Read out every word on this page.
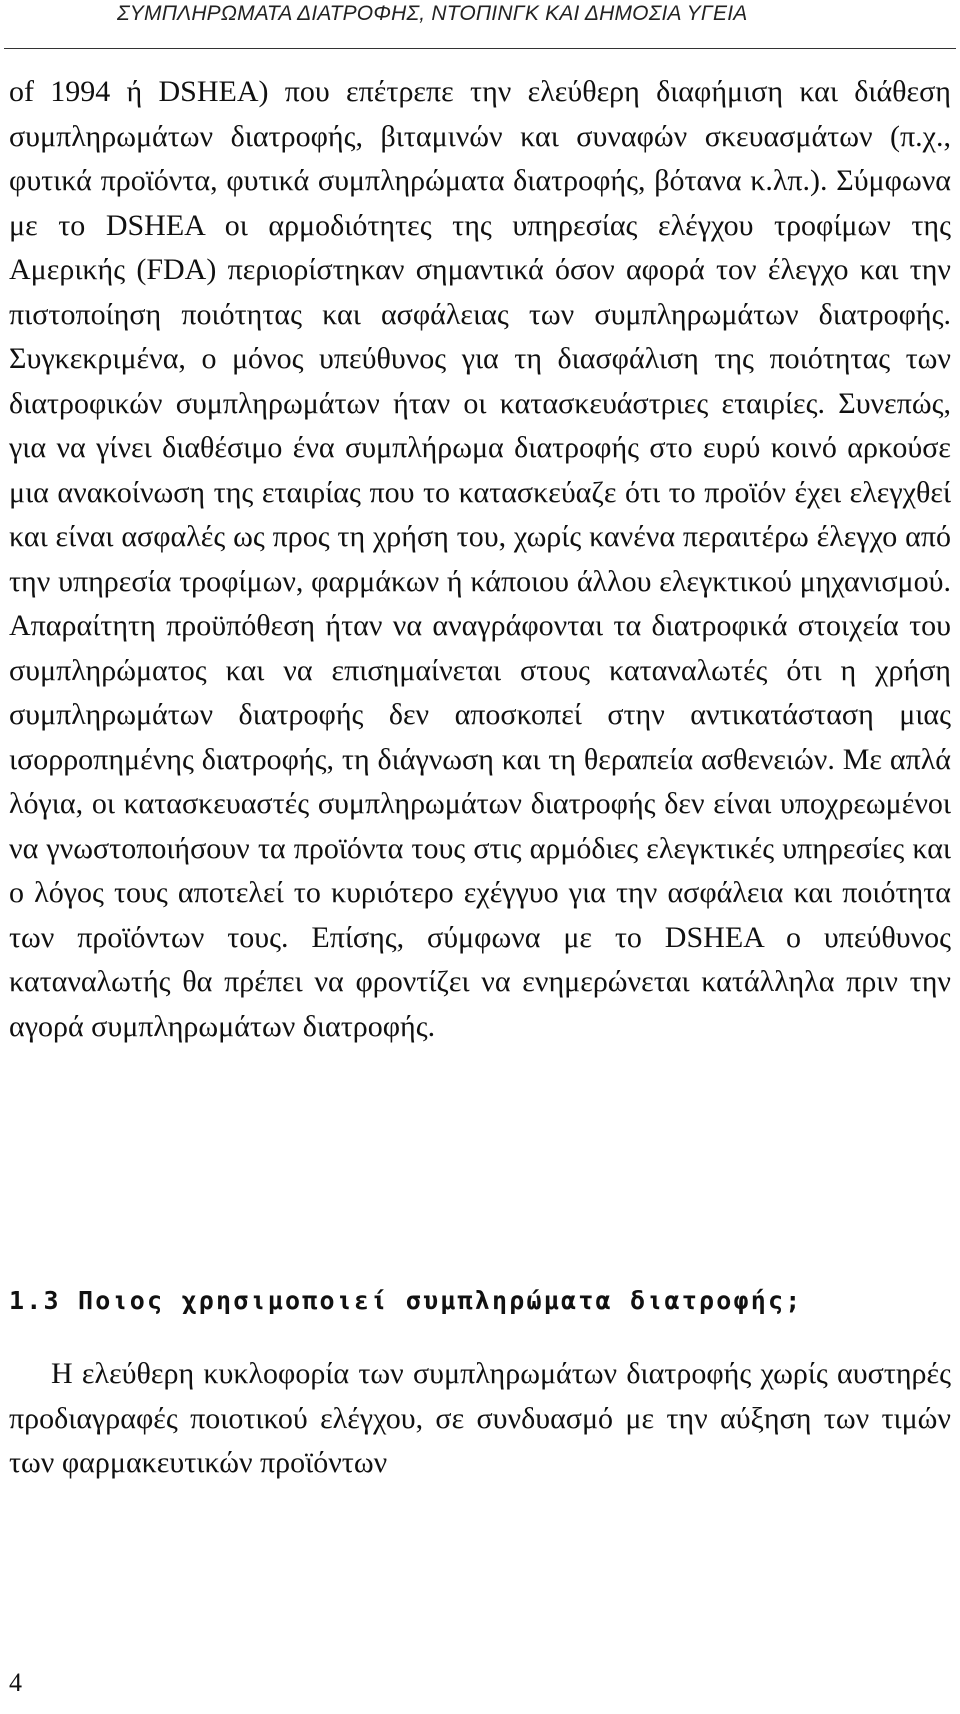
ΣΥΜΠΛΗΡΩΜΑΤΑ ΔΙΑΤΡΟΦΗΣ, ΝΤΟΠΙΝΓΚ ΚΑΙ ΔΗΜΟΣΙΑ ΥΓΕΙΑ

of 1994 ή DSHEA) που επέτρεπε την ελεύθερη διαφήμιση και διάθεση συμπληρωμάτων διατροφής, βιταμινών και συναφών σκευασμάτων (π.χ., φυτικά προϊόντα, φυτικά συμπληρώματα διατροφής, βότανα κ.λπ.). Σύμφωνα με το DSHEA οι αρμοδιότητες της υπηρεσίας ελέγχου τροφίμων της Αμερικής (FDA) περιορίστηκαν σημαντικά όσον αφορά τον έλεγχο και την πιστοποίηση ποιότητας και ασφάλειας των συμπληρωμάτων διατροφής. Συγκεκριμένα, ο μόνος υπεύθυνος για τη διασφάλιση της ποιότητας των διατροφικών συμπληρωμάτων ήταν οι κατασκευάστριες εταιρίες. Συνεπώς, για να γίνει διαθέσιμο ένα συμπλήρωμα διατροφής στο ευρύ κοινό αρκούσε μια ανακοίνωση της εταιρίας που το κατασκεύαζε ότι το προϊόν έχει ελεγχθεί και είναι ασφαλές ως προς τη χρήση του, χωρίς κανένα περαιτέρω έλεγχο από την υπηρεσία τροφίμων, φαρμάκων ή κάποιου άλλου ελεγκτικού μηχανισμού. Απαραίτητη προϋπόθεση ήταν να αναγράφονται τα διατροφικά στοιχεία του συμπληρώματος και να επισημαίνεται στους καταναλωτές ότι η χρήση συμπληρωμάτων διατροφής δεν αποσκοπεί στην αντικατάσταση μιας ισορροπημένης διατροφής, τη διάγνωση και τη θεραπεία ασθενειών. Με απλά λόγια, οι κατασκευαστές συμπληρωμάτων διατροφής δεν είναι υποχρεωμένοι να γνωστοποιήσουν τα προϊόντα τους στις αρμόδιες ελεγκτικές υπηρεσίες και ο λόγος τους αποτελεί το κυριότερο εχέγγυο για την ασφάλεια και ποιότητα των προϊόντων τους. Επίσης, σύμφωνα με το DSHEA ο υπεύθυνος καταναλωτής θα πρέπει να φροντίζει να ενημερώνεται κατάλληλα πριν την αγορά συμπληρωμάτων διατροφής.

1.3 Ποιος χρησιμοποιεί συμπληρώματα διατροφής;

Η ελεύθερη κυκλοφορία των συμπληρωμάτων διατροφής χωρίς αυστηρές προδιαγραφές ποιοτικού ελέγχου, σε συνδυασμό με την αύξηση των τιμών των φαρμακευτικών προϊόντων

4
